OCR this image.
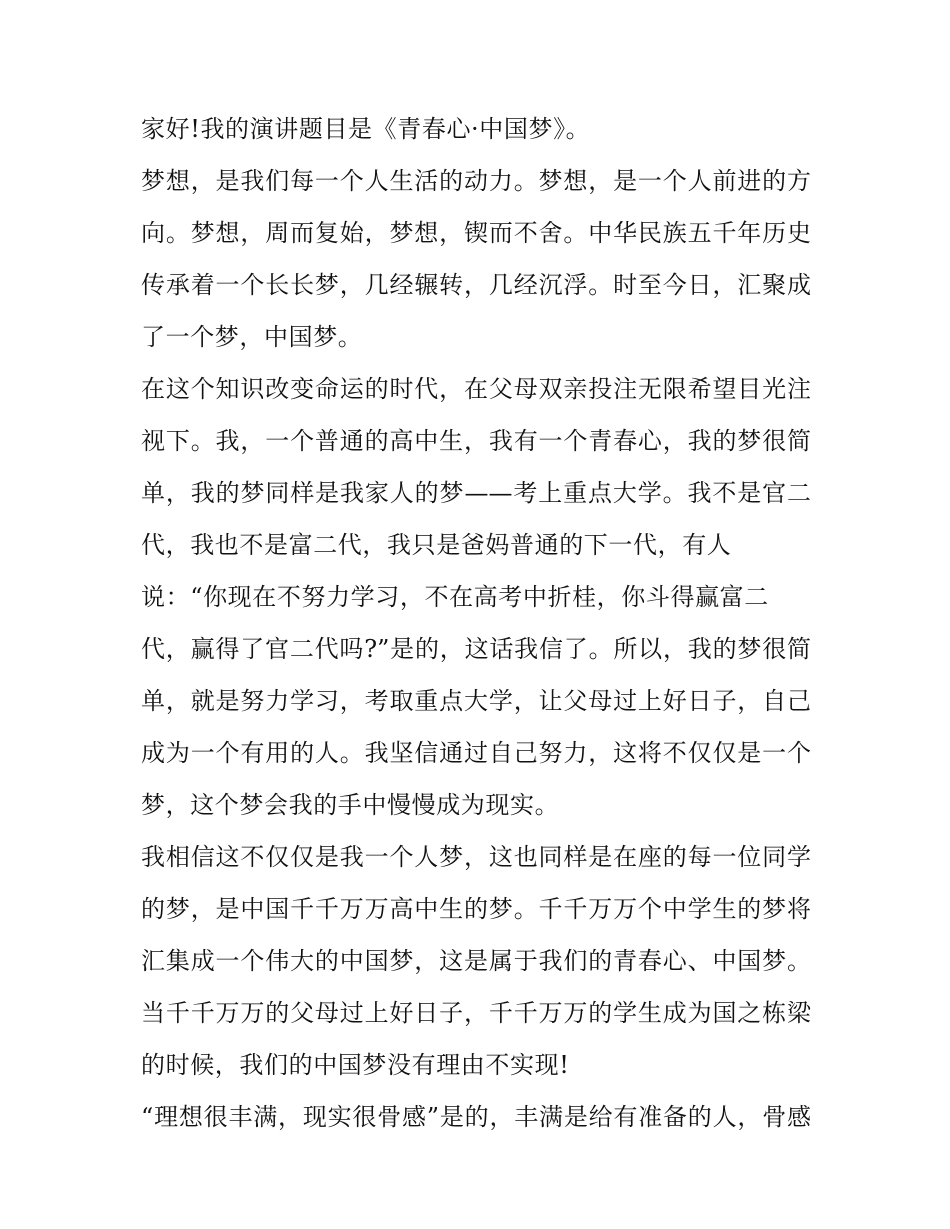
家好!我的演讲题目是《青春心·中国梦》。
梦想，是我们每一个人生活的动力。梦想，是一个人前进的方
向。梦想，周而复始，梦想，锲而不舍。中华民族五千年历史
传承着一个长长梦，几经辗转，几经沉浮。时至今日，汇聚成
了一个梦，中国梦。
在这个知识改变命运的时代，在父母双亲投注无限希望目光注
视下。我，一个普通的高中生，我有一个青春心，我的梦很简
单，我的梦同样是我家人的梦——考上重点大学。我不是官二
代，我也不是富二代，我只是爸妈普通的下一代，有人
说：“你现在不努力学习，不在高考中折桂，你斗得赢富二
代，赢得了官二代吗?”是的，这话我信了。所以，我的梦很简
单，就是努力学习，考取重点大学，让父母过上好日子，自己
成为一个有用的人。我坚信通过自己努力，这将不仅仅是一个
梦，这个梦会我的手中慢慢成为现实。
我相信这不仅仅是我一个人梦，这也同样是在座的每一位同学
的梦，是中国千千万万高中生的梦。千千万万个中学生的梦将
汇集成一个伟大的中国梦，这是属于我们的青春心、中国梦。
当千千万万的父母过上好日子，千千万万的学生成为国之栋梁
的时候，我们的中国梦没有理由不实现!
“理想很丰满，现实很骨感”是的，丰满是给有准备的人，骨感
